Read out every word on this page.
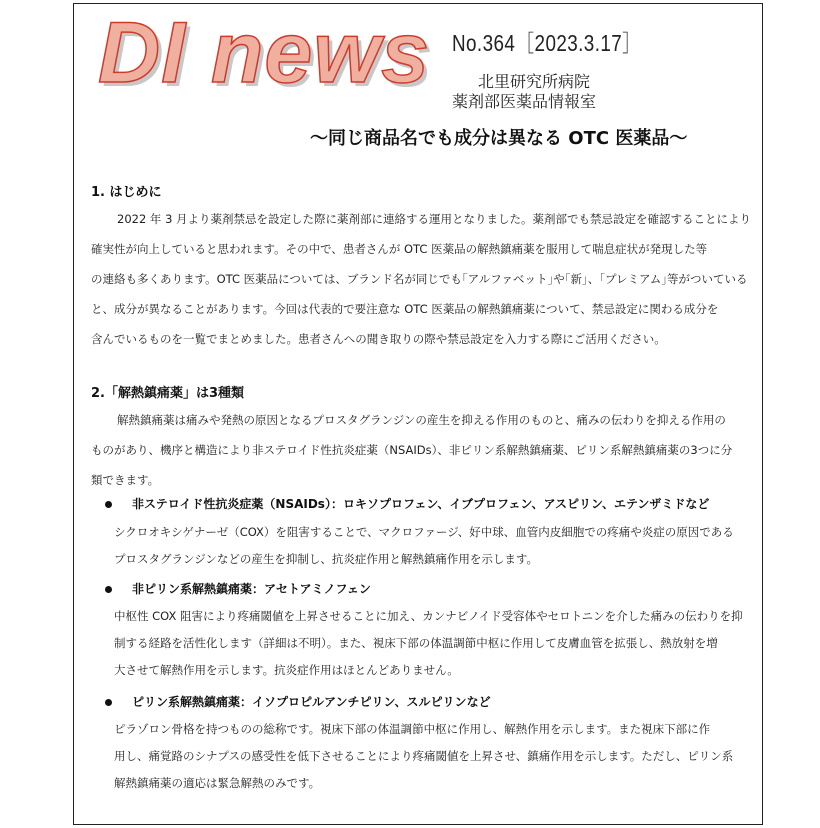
DI news No.364［2023.3.17］
北里研究所病院
薬剤部医薬品情報室
～同じ商品名でも成分は異なる OTC 医薬品～
1. はじめに

2022 年 3 月より薬剤禁忌を設定した際に薬剤部に連絡する運用となりました。薬剤部でも禁忌設定を確認することにより

確実性が向上していると思われます。その中で、患者さんが OTC 医薬品の解熱鎮痛薬を服用して喘息症状が発現した等

の連絡も多くあります。OTC 医薬品については、ブランド名が同じでも｢アルファベット｣や｢新｣、｢プレミアム｣等がついている

と、成分が異なることがあります。今回は代表的で要注意な OTC 医薬品の解熱鎮痛薬について、禁忌設定に関わる成分を

含んでいるものを一覧でまとめました。患者さんへの聞き取りの際や禁忌設定を入力する際にご活用ください。

2.「解熱鎮痛薬」は3種類

解熱鎮痛薬は痛みや発熱の原因となるプロスタグランジンの産生を抑える作用のものと、痛みの伝わりを抑える作用の

ものがあり、機序と構造により非ステロイド性抗炎症薬（NSAIDs）、非ピリン系解熱鎮痛薬、ピリン系解熱鎮痛薬の3つに分

類できます。

非ステロイド性抗炎症薬（NSAIDs）：ロキソプロフェン、イブプロフェン、アスピリン、エテンザミドなど

シクロオキシゲナーゼ（COX）を阻害することで、マクロファージ、好中球、血管内皮細胞での疼痛や炎症の原因である

プロスタグランジンなどの産生を抑制し、抗炎症作用と解熱鎮痛作用を示します。

非ピリン系解熱鎮痛薬：アセトアミノフェン

中枢性 COX 阻害により疼痛閾値を上昇させることに加え、カンナビノイド受容体やセロトニンを介した痛みの伝わりを抑

制する経路を活性化します（詳細は不明）。また、視床下部の体温調節中枢に作用して皮膚血管を拡張し、熱放射を増

大させて解熱作用を示します。抗炎症作用はほとんどありません。

ピリン系解熱鎮痛薬：イソプロピルアンチピリン、スルピリンなど

ピラゾロン骨格を持つものの総称です。視床下部の体温調節中枢に作用し、解熱作用を示します。また視床下部に作

用し、痛覚路のシナプスの感受性を低下させることにより疼痛閾値を上昇させ、鎮痛作用を示します。ただし、ピリン系

解熱鎮痛薬の適応は緊急解熱のみです。
